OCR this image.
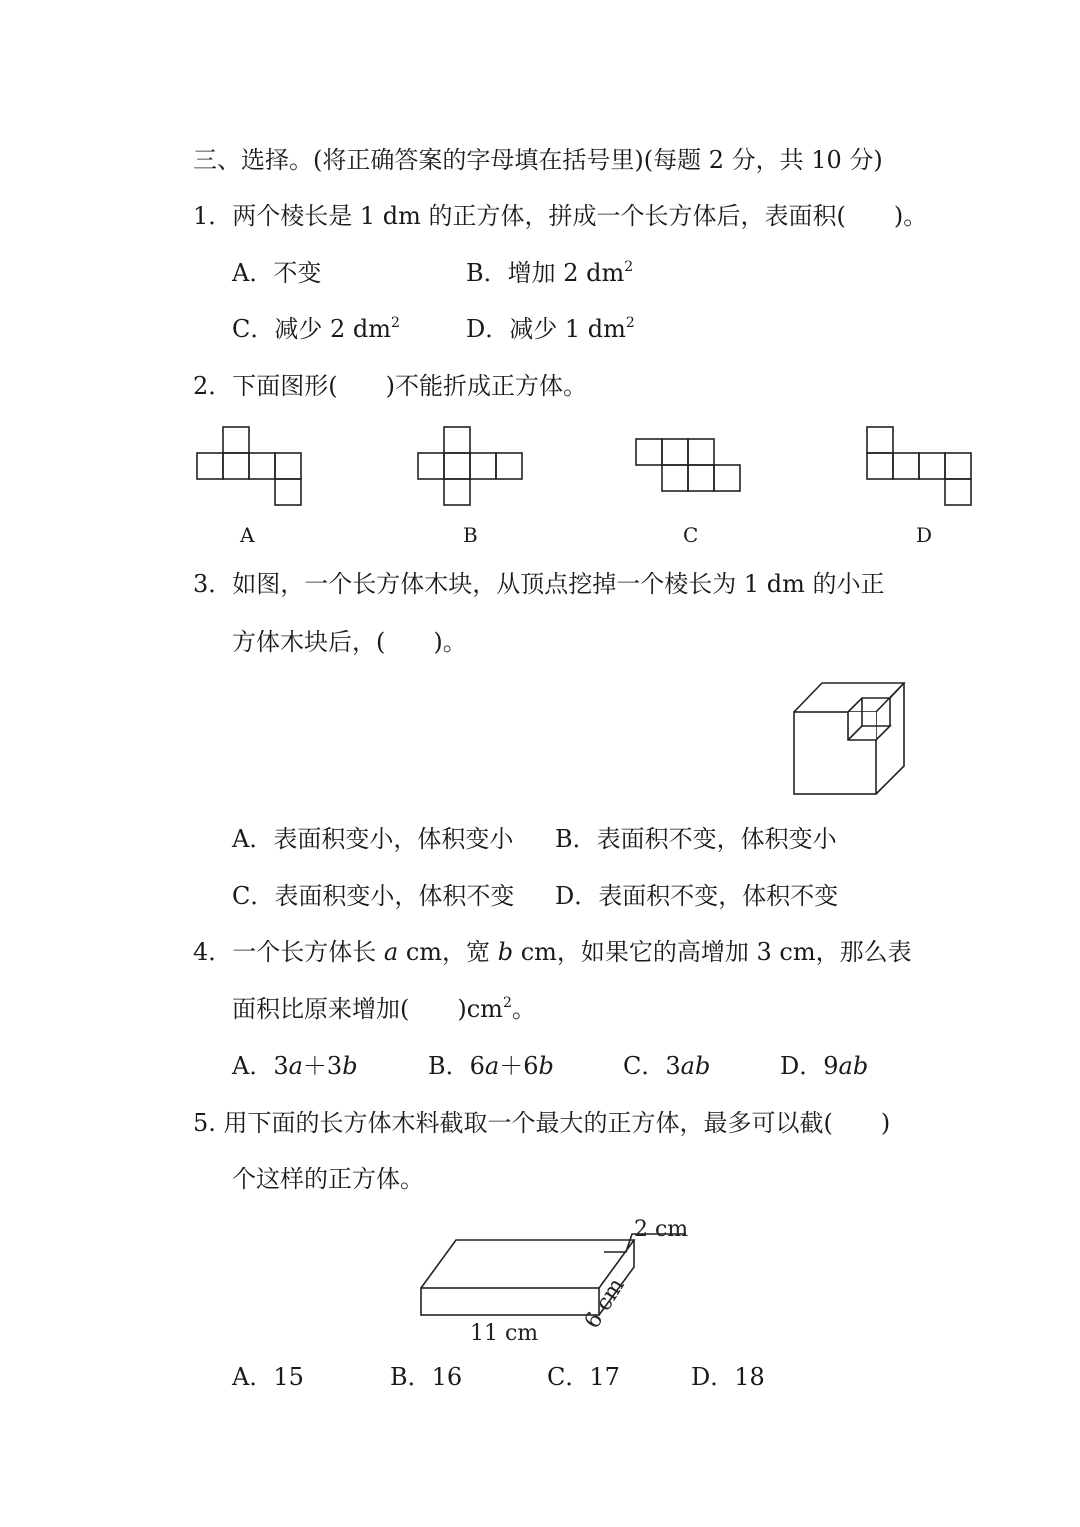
三、选择。(将正确答案的字母填在括号里)(每题 2 分，共 10 分)
1．两个棱长是 1 dm 的正方体，拼成一个长方体后，表面积(　　)。
A．不变	B．增加 2 $dm^2$
C．减少 2 $dm^2$	D．减少 1 $dm^2$
2．下面图形(　　)不能折成正方体。
A	B	C	D
3．如图，一个长方体木块，从顶点挖掉一个棱长为 1 dm 的小正
方体木块后，(　　)。
A．表面积变小，体积变小 B．表面积不变，体积变小
C．表面积变小，体积不变 D．表面积不变，体积不变
4．一个长方体长 a cm，宽 b cm，如果它的高增加 3 cm，那么表
面积比原来增加(　　)$cm^2$。
A．3a＋3b	B．6a＋6b	C．3ab	D．9ab
5. 用下面的长方体木料截取一个最大的正方体，最多可以截(　　)
个这样的正方体。
2 cm
6 cm
11 cm
A．15	B．16	C．17	D．18
